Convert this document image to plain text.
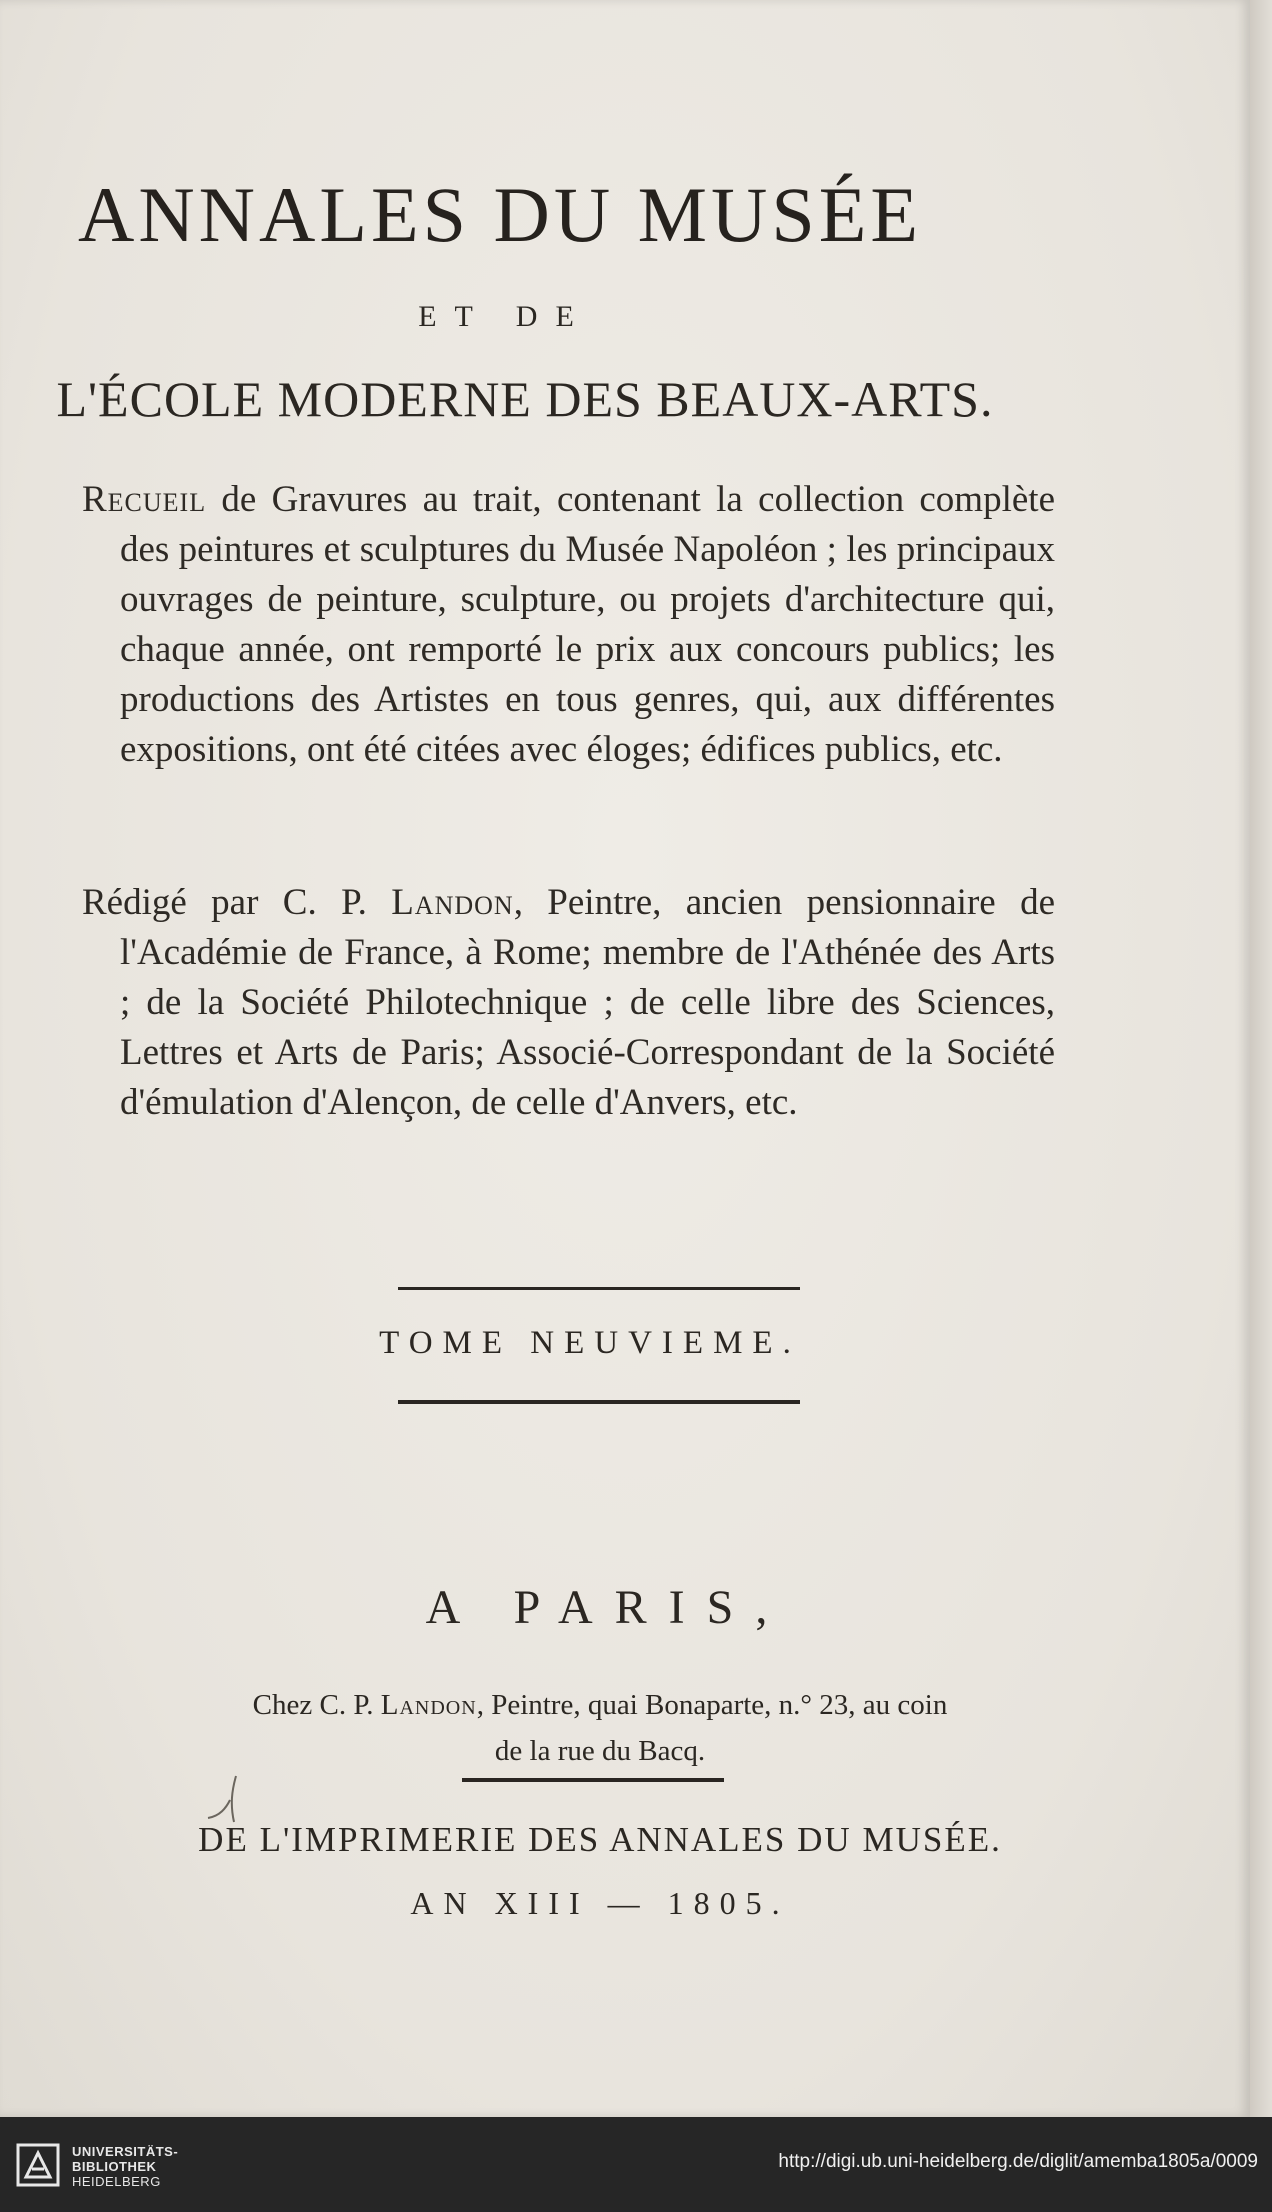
ANNALES DU MUSÉE
ET DE
L'ÉCOLE MODERNE DES BEAUX-ARTS.
Recueil de Gravures au trait, contenant la collection complète des peintures et sculptures du Musée Napoléon ; les principaux ouvrages de peinture, sculpture, ou projets d'architecture qui, chaque année, ont remporté le prix aux concours publics; les productions des Artistes en tous genres, qui, aux différentes expositions, ont été citées avec éloges; édifices publics, etc.
Rédigé par C. P. Landon, Peintre, ancien pensionnaire de l'Académie de France, à Rome; membre de l'Athénée des Arts ; de la Société Philotechnique ; de celle libre des Sciences, Lettres et Arts de Paris; Associé-Correspondant de la Société d'émulation d'Alençon, de celle d'Anvers, etc.
TOME NEUVIEME.
A PARIS,
Chez C. P. Landon, Peintre, quai Bonaparte, n.° 23, au coin
de la rue du Bacq.
DE L'IMPRIMERIE DES ANNALES DU MUSÉE.
AN XIII — 1805.
UNIVERSITÄTS-
BIBLIOTHEK
HEIDELBERG
http://digi.ub.uni-heidelberg.de/diglit/amemba1805a/0009
